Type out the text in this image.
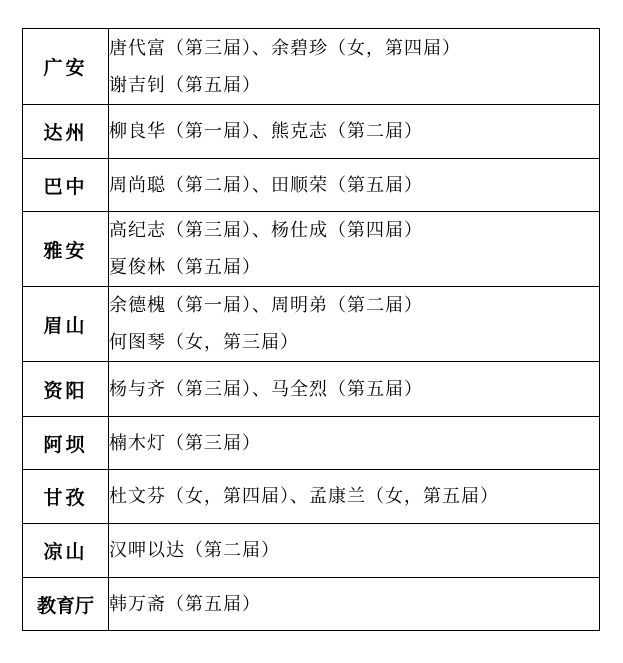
广安	唐代富（第三届）、余碧珍（女，第四届）
谢吉钊（第五届）

达州	柳良华（第一届）、熊克志（第二届）

巴中	周尚聪（第二届）、田顺荣（第五届）

雅安	高纪志（第三届）、杨仕成（第四届）
夏俊林（第五届）

眉山	余德槐（第一届）、周明弟（第二届）
何图琴（女，第三届）

资阳	杨与齐（第三届）、马全烈（第五届）

阿坝	楠木灯（第三届）

甘孜	杜文芬（女，第四届）、孟康兰（女，第五届）

凉山	汉呷以达（第二届）

教育厅	韩万斋（第五届）
